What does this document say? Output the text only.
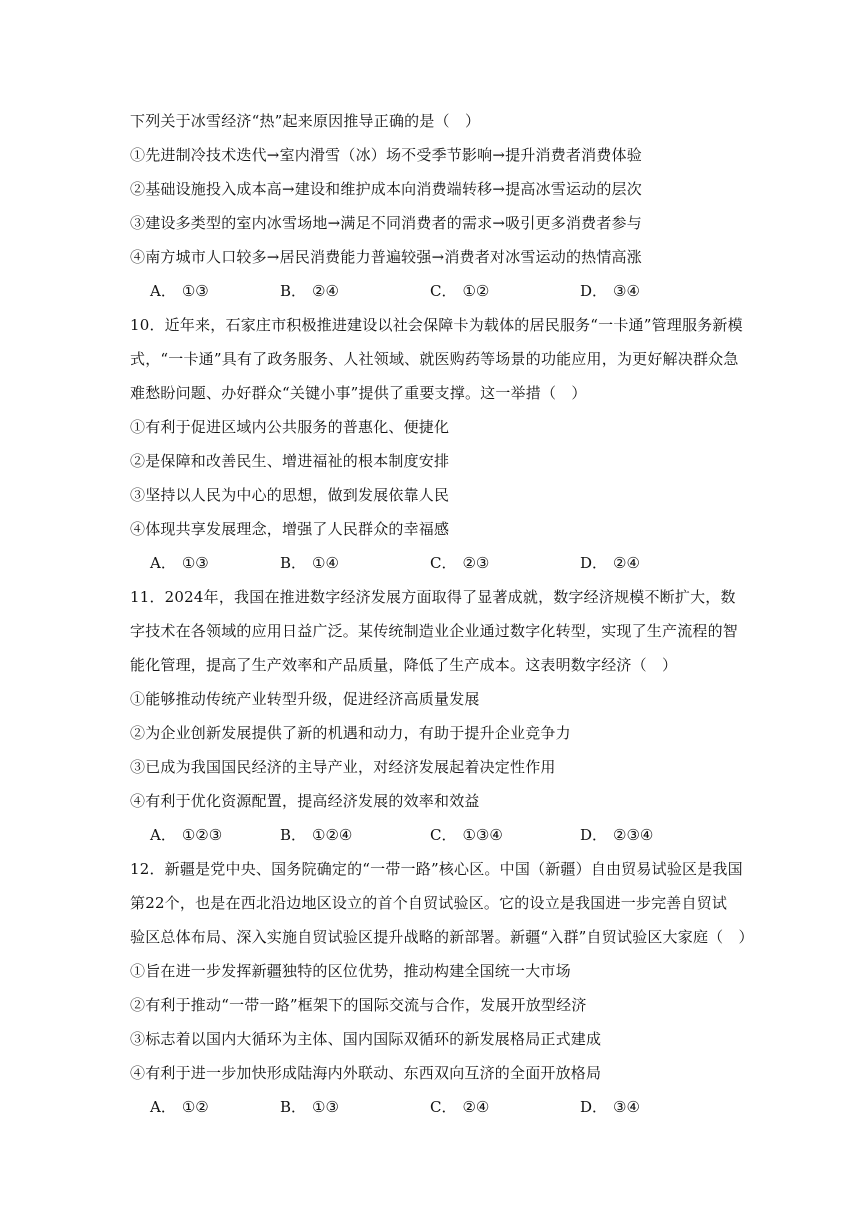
下列关于冰雪经济“热”起来原因推导正确的是（　）
①先进制冷技术迭代→室内滑雪（冰）场不受季节影响→提升消费者消费体验
②基础设施投入成本高→建设和维护成本向消费端转移→提高冰雪运动的层次
③建设多类型的室内冰雪场地→满足不同消费者的需求→吸引更多消费者参与
④南方城市人口较多→居民消费能力普遍较强→消费者对冰雪运动的热情高涨
A． ①③	B． ②④	C． ①②	D． ③④
10．近年来，石家庄市积极推进建设以社会保障卡为载体的居民服务“一卡通”管理服务新模
式，“一卡通”具有了政务服务、人社领域、就医购药等场景的功能应用，为更好解决群众急
难愁盼问题、办好群众“关键小事”提供了重要支撑。这一举措（　）
①有利于促进区域内公共服务的普惠化、便捷化
②是保障和改善民生、增进福祉的根本制度安排
③坚持以人民为中心的思想，做到发展依靠人民
④体现共享发展理念，增强了人民群众的幸福感
A． ①③	B． ①④	C． ②③	D． ②④
11．2024年，我国在推进数字经济发展方面取得了显著成就，数字经济规模不断扩大，数
字技术在各领域的应用日益广泛。某传统制造业企业通过数字化转型，实现了生产流程的智
能化管理，提高了生产效率和产品质量，降低了生产成本。这表明数字经济（　）
①能够推动传统产业转型升级，促进经济高质量发展
②为企业创新发展提供了新的机遇和动力，有助于提升企业竞争力
③已成为我国国民经济的主导产业，对经济发展起着决定性作用
④有利于优化资源配置，提高经济发展的效率和效益
A． ①②③	B． ①②④	C． ①③④	D． ②③④
12．新疆是党中央、国务院确定的“一带一路”核心区。中国（新疆）自由贸易试验区是我国
第22个，也是在西北沿边地区设立的首个自贸试验区。它的设立是我国进一步完善自贸试
验区总体布局、深入实施自贸试验区提升战略的新部署。新疆“入群”自贸试验区大家庭（　）
①旨在进一步发挥新疆独特的区位优势，推动构建全国统一大市场
②有利于推动“一带一路”框架下的国际交流与合作，发展开放型经济
③标志着以国内大循环为主体、国内国际双循环的新发展格局正式建成
④有利于进一步加快形成陆海内外联动、东西双向互济的全面开放格局
A． ①②	B． ①③	C． ②④	D． ③④
